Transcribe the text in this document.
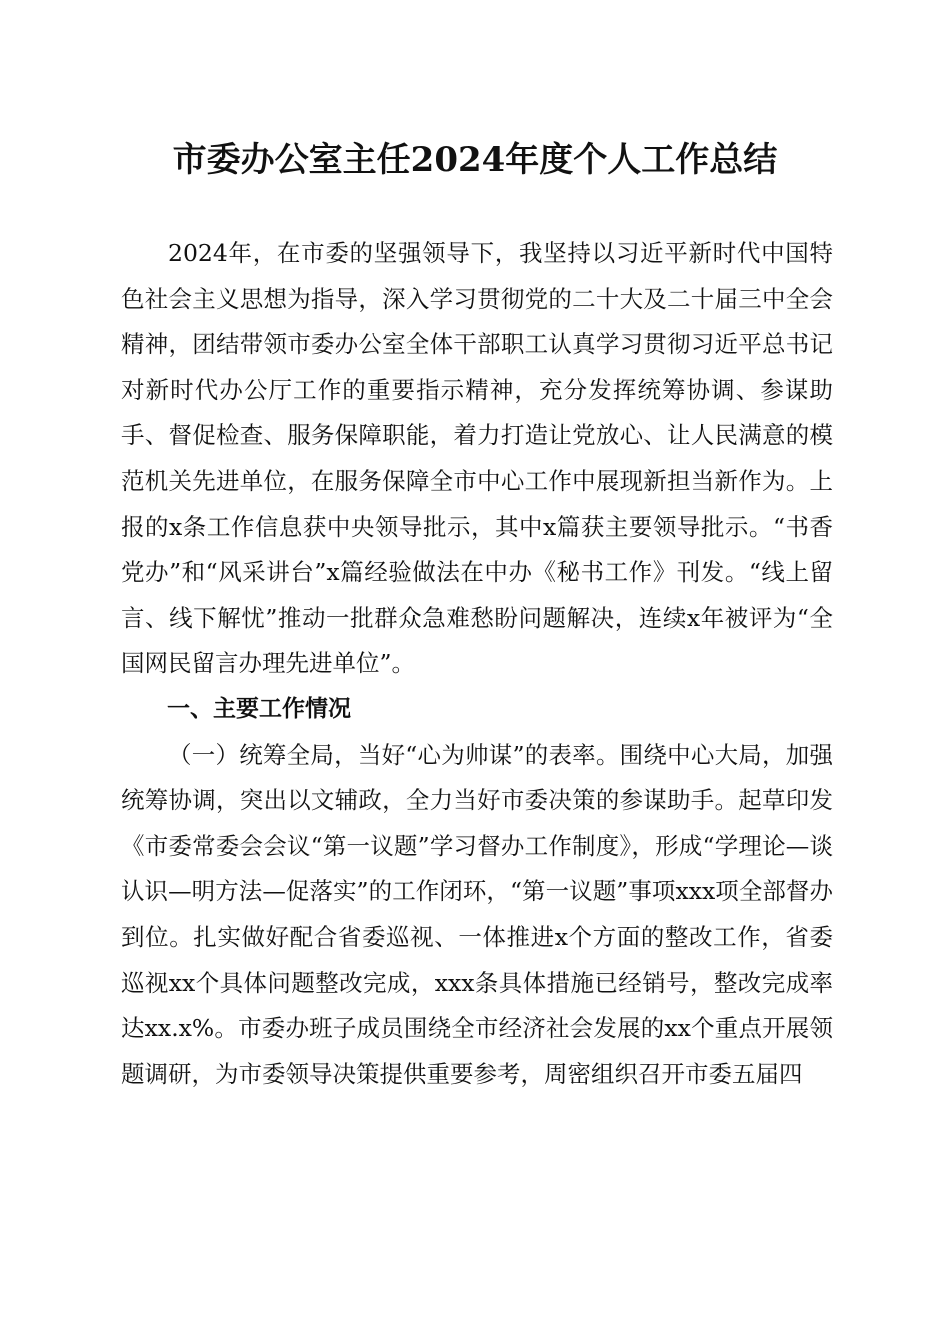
市委办公室主任2024年度个人工作总结

2024年，在市委的坚强领导下，我坚持以习近平新时代中国特色社会主义思想为指导，深入学习贯彻党的二十大及二十届三中全会精神，团结带领市委办公室全体干部职工认真学习贯彻习近平总书记对新时代办公厅工作的重要指示精神，充分发挥统筹协调、参谋助手、督促检查、服务保障职能，着力打造让党放心、让人民满意的模范机关先进单位，在服务保障全市中心工作中展现新担当新作为。上报的x条工作信息获中央领导批示，其中x篇获主要领导批示。“书香党办”和“风采讲台”x篇经验做法在中办《秘书工作》刊发。“线上留言、线下解忧”推动一批群众急难愁盼问题解决，连续x年被评为“全国网民留言办理先进单位”。

一、主要工作情况

（一）统筹全局，当好“心为帅谋”的表率。围绕中心大局，加强统筹协调，突出以文辅政，全力当好市委决策的参谋助手。起草印发《市委常委会会议“第一议题”学习督办工作制度》，形成“学理论—谈认识—明方法—促落实”的工作闭环，“第一议题”事项xxx项全部督办到位。扎实做好配合省委巡视、一体推进x个方面的整改工作，省委巡视xx个具体问题整改完成，xxx条具体措施已经销号，整改完成率达xx.x%。市委办班子成员围绕全市经济社会发展的xx个重点开展领题调研，为市委领导决策提供重要参考，周密组织召开市委五届四
